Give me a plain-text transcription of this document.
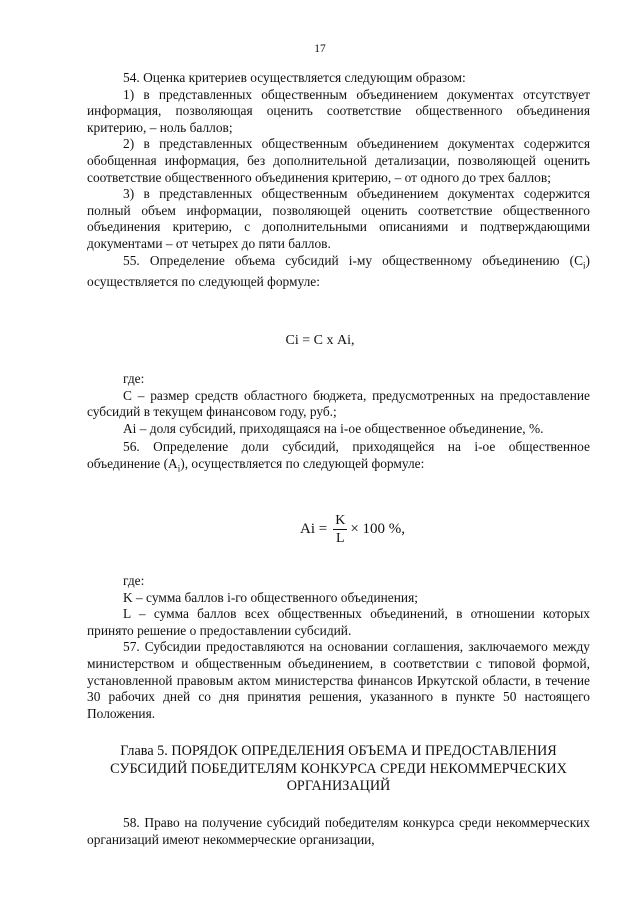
17

54. Оценка критериев осуществляется следующим образом:

1) в представленных общественным объединением документах отсутствует информация, позволяющая оценить соответствие общественного объединения критерию, – ноль баллов;

2) в представленных общественным объединением документах содержится обобщенная информация, без дополнительной детализации, позволяющей оценить соответствие общественного объединения критерию, – от одного до трех баллов;

3) в представленных общественным объединением документах содержится полный объем информации, позволяющей оценить соответствие общественного объединения критерию, с дополнительными описаниями и подтверждающими документами – от четырех до пяти баллов.

55. Определение объема субсидий i-му общественному объединению $(С_i)$ осуществляется по следующей формуле:

Сi = С х Аi,

где:

С – размер средств областного бюджета, предусмотренных на предоставление субсидий в текущем финансовом году, руб.;

Аi – доля субсидий, приходящаяся на i-ое общественное объединение, %.

56. Определение доли субсидий, приходящейся на i-ое общественное объединение $(А_i)$, осуществляется по следующей формуле:

$Ai = \frac{K}{L} \times 100$ %,

где:

K – сумма баллов i-го общественного объединения;

L – сумма баллов всех общественных объединений, в отношении которых принято решение о предоставлении субсидий.

57. Субсидии предоставляются на основании соглашения, заключаемого между министерством и общественным объединением, в соответствии с типовой формой, установленной правовым актом министерства финансов Иркутской области, в течение 30 рабочих дней со дня принятия решения, указанного в пункте 50 настоящего Положения.

Глава 5. ПОРЯДОК ОПРЕДЕЛЕНИЯ ОБЪЕМА И ПРЕДОСТАВЛЕНИЯ
СУБСИДИЙ ПОБЕДИТЕЛЯМ КОНКУРСА СРЕДИ НЕКОММЕРЧЕСКИХ
ОРГАНИЗАЦИЙ

58. Право на получение субсидий победителям конкурса среди некоммерческих организаций имеют некоммерческие организации,
